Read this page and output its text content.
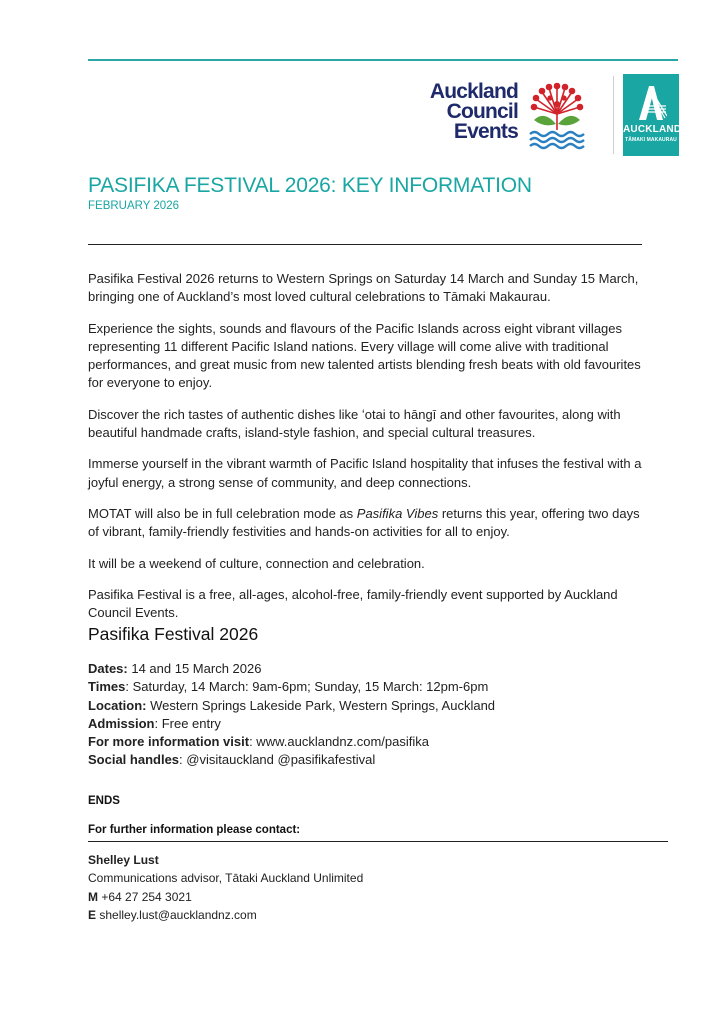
Auckland
Council
Events	AUCKLAND
TĀMAKI MAKAURAU
PASIFIKA FESTIVAL 2026: KEY INFORMATION
FEBRUARY 2026

Pasifika Festival 2026 returns to Western Springs on Saturday 14 March and Sunday 15 March, bringing one of Auckland’s most loved cultural celebrations to Tāmaki Makaurau.

Experience the sights, sounds and flavours of the Pacific Islands across eight vibrant villages representing 11 different Pacific Island nations. Every village will come alive with traditional performances, and great music from new talented artists blending fresh beats with old favourites for everyone to enjoy.

Discover the rich tastes of authentic dishes like ʻotai to hāngī and other favourites, along with beautiful handmade crafts, island-style fashion, and special cultural treasures.

Immerse yourself in the vibrant warmth of Pacific Island hospitality that infuses the festival with a joyful energy, a strong sense of community, and deep connections.

MOTAT will also be in full celebration mode as Pasifika Vibes returns this year, offering two days of vibrant, family-friendly festivities and hands-on activities for all to enjoy.

It will be a weekend of culture, connection and celebration.

Pasifika Festival is a free, all-ages, alcohol-free, family-friendly event supported by Auckland Council Events.

Pasifika Festival 2026
Dates: 14 and 15 March 2026
Times: Saturday, 14 March: 9am-6pm; Sunday, 15 March: 12pm-6pm
Location: Western Springs Lakeside Park, Western Springs, Auckland
Admission: Free entry
For more information visit: www.aucklandnz.com/pasifika
Social handles: @visitauckland @pasifikafestival
ENDS
For further information please contact:
Shelley Lust
Communications advisor, Tātaki Auckland Unlimited
M +64 27 254 3021
E shelley.lust@aucklandnz.com
